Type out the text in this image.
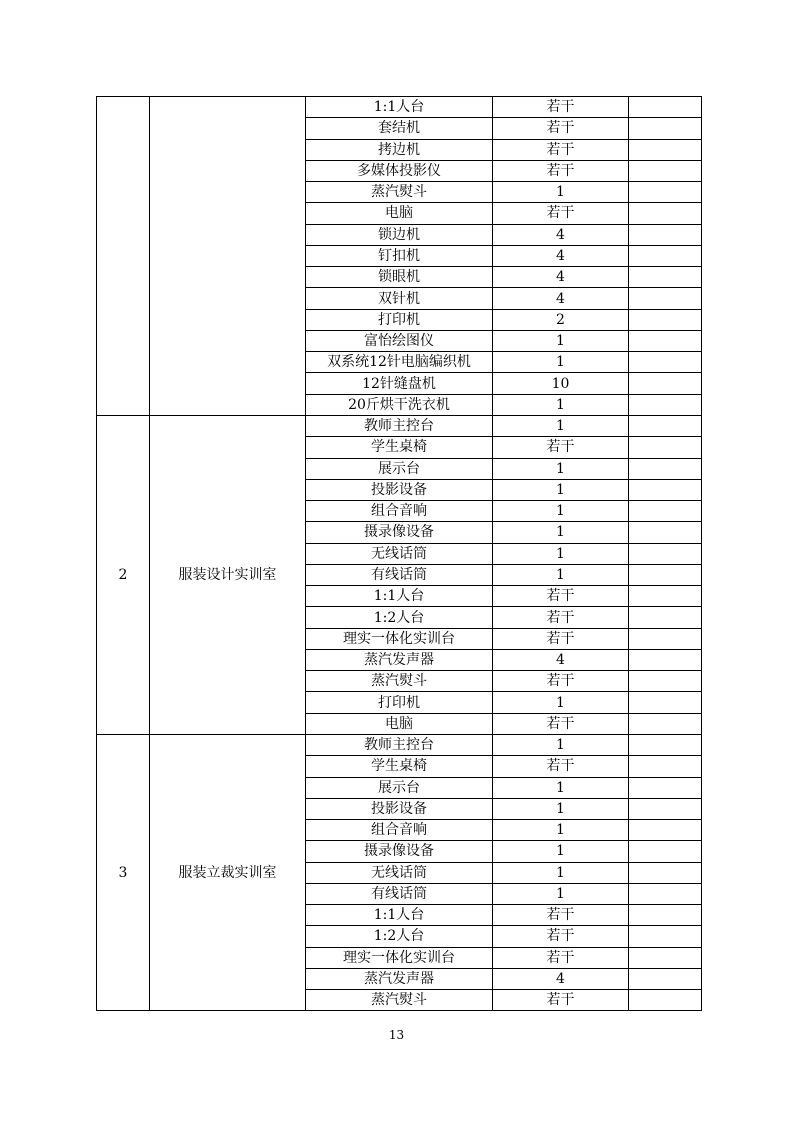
		1:1人台	若干	
		套结机	若干	
		拷边机	若干	
		多媒体投影仪	若干	
		蒸汽熨斗	1	
		电脑	若干	
		锁边机	4	
		钉扣机	4	
		锁眼机	4	
		双针机	4	
		打印机	2	
		富怡绘图仪	1	
		双系统12针电脑编织机	1	
		12针缝盘机	10	
		20斤烘干洗衣机	1	
2	服装设计实训室	教师主控台	1	
		学生桌椅	若干	
		展示台	1	
		投影设备	1	
		组合音响	1	
		摄录像设备	1	
		无线话筒	1	
		有线话筒	1	
		1:1人台	若干	
		1:2人台	若干	
		理实一体化实训台	若干	
		蒸汽发声器	4	
		蒸汽熨斗	若干	
		打印机	1	
		电脑	若干	
3	服装立裁实训室	教师主控台	1	
		学生桌椅	若干	
		展示台	1	
		投影设备	1	
		组合音响	1	
		摄录像设备	1	
		无线话筒	1	
		有线话筒	1	
		1:1人台	若干	
		1:2人台	若干	
		理实一体化实训台	若干	
		蒸汽发声器	4	
		蒸汽熨斗	若干	
13
